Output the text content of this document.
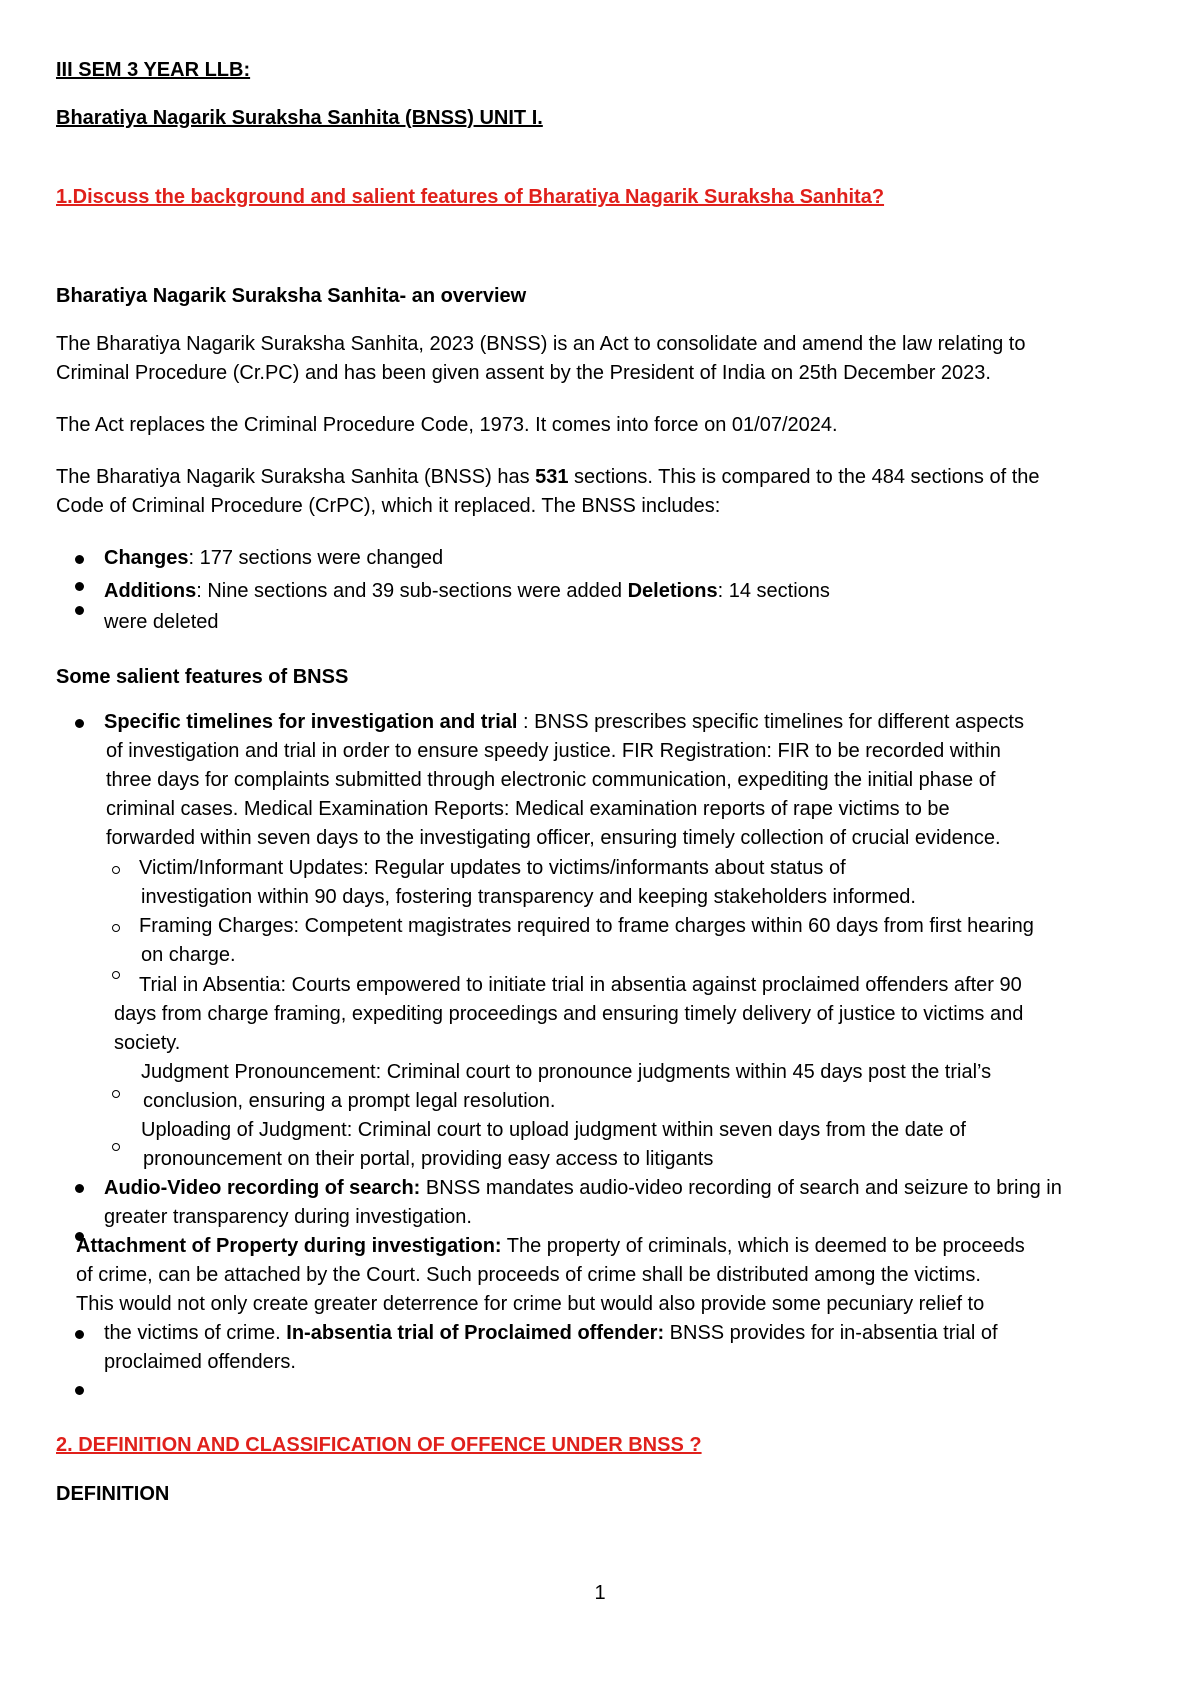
III SEM 3 YEAR LLB:
Bharatiya Nagarik Suraksha Sanhita (BNSS) UNIT I.
1.Discuss the background and salient features of Bharatiya Nagarik Suraksha Sanhita?
Bharatiya Nagarik Suraksha Sanhita- an overview
The Bharatiya Nagarik Suraksha Sanhita, 2023 (BNSS) is an Act to consolidate and amend the law relating to
Criminal Procedure (Cr.PC) and has been given assent by the President of India on 25th December 2023.
The Act replaces the Criminal Procedure Code, 1973. It comes into force on 01/07/2024.
The Bharatiya Nagarik Suraksha Sanhita (BNSS) has 531 sections. This is compared to the 484 sections of the
Code of Criminal Procedure (CrPC), which it replaced. The BNSS includes:
Changes: 177 sections were changed
Additions: Nine sections and 39 sub-sections were added Deletions: 14 sections
were deleted
Some salient features of BNSS
Specific timelines for investigation and trial : BNSS prescribes specific timelines for different aspects
of investigation and trial in order to ensure speedy justice. FIR Registration: FIR to be recorded within
three days for complaints submitted through electronic communication, expediting the initial phase of
criminal cases. Medical Examination Reports: Medical examination reports of rape victims to be
forwarded within seven days to the investigating officer, ensuring timely collection of crucial evidence.
Victim/Informant Updates: Regular updates to victims/informants about status of
investigation within 90 days, fostering transparency and keeping stakeholders informed.
Framing Charges: Competent magistrates required to frame charges within 60 days from first hearing
on charge.
Trial in Absentia: Courts empowered to initiate trial in absentia against proclaimed offenders after 90
days from charge framing, expediting proceedings and ensuring timely delivery of justice to victims and
society.
Judgment Pronouncement: Criminal court to pronounce judgments within 45 days post the trial’s
conclusion, ensuring a prompt legal resolution.
Uploading of Judgment: Criminal court to upload judgment within seven days from the date of
pronouncement on their portal, providing easy access to litigants
Audio-Video recording of search: BNSS mandates audio-video recording of search and seizure to bring in
greater transparency during investigation.
Attachment of Property during investigation: The property of criminals, which is deemed to be proceeds
of crime, can be attached by the Court. Such proceeds of crime shall be distributed among the victims.
This would not only create greater deterrence for crime but would also provide some pecuniary relief to
the victims of crime. In-absentia trial of Proclaimed offender: BNSS provides for in-absentia trial of
proclaimed offenders.
2. DEFINITION AND CLASSIFICATION OF OFFENCE UNDER BNSS ?
DEFINITION
1
